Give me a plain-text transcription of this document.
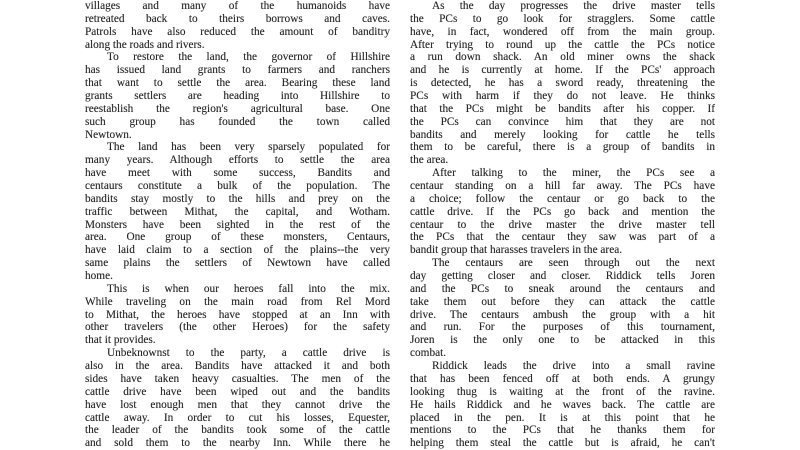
villages and many of the humanoids have
retreated back to theirs borrows and caves.
Patrols have also reduced the amount of banditry
along the roads and rivers.
To restore the land, the governor of Hillshire
has issued land grants to farmers and ranchers
that want to settle the area. Bearing these land
grants settlers are heading into Hillshire to
reestablish the region's agricultural base. One
such group has founded the town called
Newtown.
The land has been very sparsely populated for
many years. Although efforts to settle the area
have meet with some success, Bandits and
centaurs constitute a bulk of the population. The
bandits stay mostly to the hills and prey on the
traffic between Mithat, the capital, and Wotham.
Monsters have been sighted in the rest of the
area. One group of these monsters, Centaurs,
have laid claim to a section of the plains--the very
same plains the settlers of Newtown have called
home.
This is when our heroes fall into the mix.
While traveling on the main road from Rel Mord
to Mithat, the heroes have stopped at an Inn with
other travelers (the other Heroes) for the safety
that it provides.
Unbeknownst to the party, a cattle drive is
also in the area. Bandits have attacked it and both
sides have taken heavy casualties. The men of the
cattle drive have been wiped out and the bandits
have lost enough men that they cannot drive the
cattle away. In order to cut his losses, Equester,
the leader of the bandits took some of the cattle
and sold them to the nearby Inn. While there he
As the day progresses the drive master tells
the PCs to go look for stragglers. Some cattle
have, in fact, wondered off from the main group.
After trying to round up the cattle the PCs notice
a run down shack. An old miner owns the shack
and he is currently at home. If the PCs' approach
is detected, he has a sword ready, threatening the
PCs with harm if they do not leave. He thinks
that the PCs might be bandits after his copper. If
the PCs can convince him that they are not
bandits and merely looking for cattle he tells
them to be careful, there is a group of bandits in
the area.
After talking to the miner, the PCs see a
centaur standing on a hill far away. The PCs have
a choice; follow the centaur or go back to the
cattle drive. If the PCs go back and mention the
centaur to the drive master the drive master tell
the PCs that the centaur they saw was part of a
bandit group that harasses travelers in the area.
The centaurs are seen through out the next
day getting closer and closer. Riddick tells Joren
and the PCs to sneak around the centaurs and
take them out before they can attack the cattle
drive. The centaurs ambush the group with a hit
and run. For the purposes of this tournament,
Joren is the only one to be attacked in this
combat.
Riddick leads the drive into a small ravine
that has been fenced off at both ends. A grungy
looking thug is waiting at the front of the ravine.
He hails Riddick and he waves back. The cattle are
placed in the pen. It is at this point that he
mentions to the PCs that he thanks them for
helping them steal the cattle but is afraid, he can't
